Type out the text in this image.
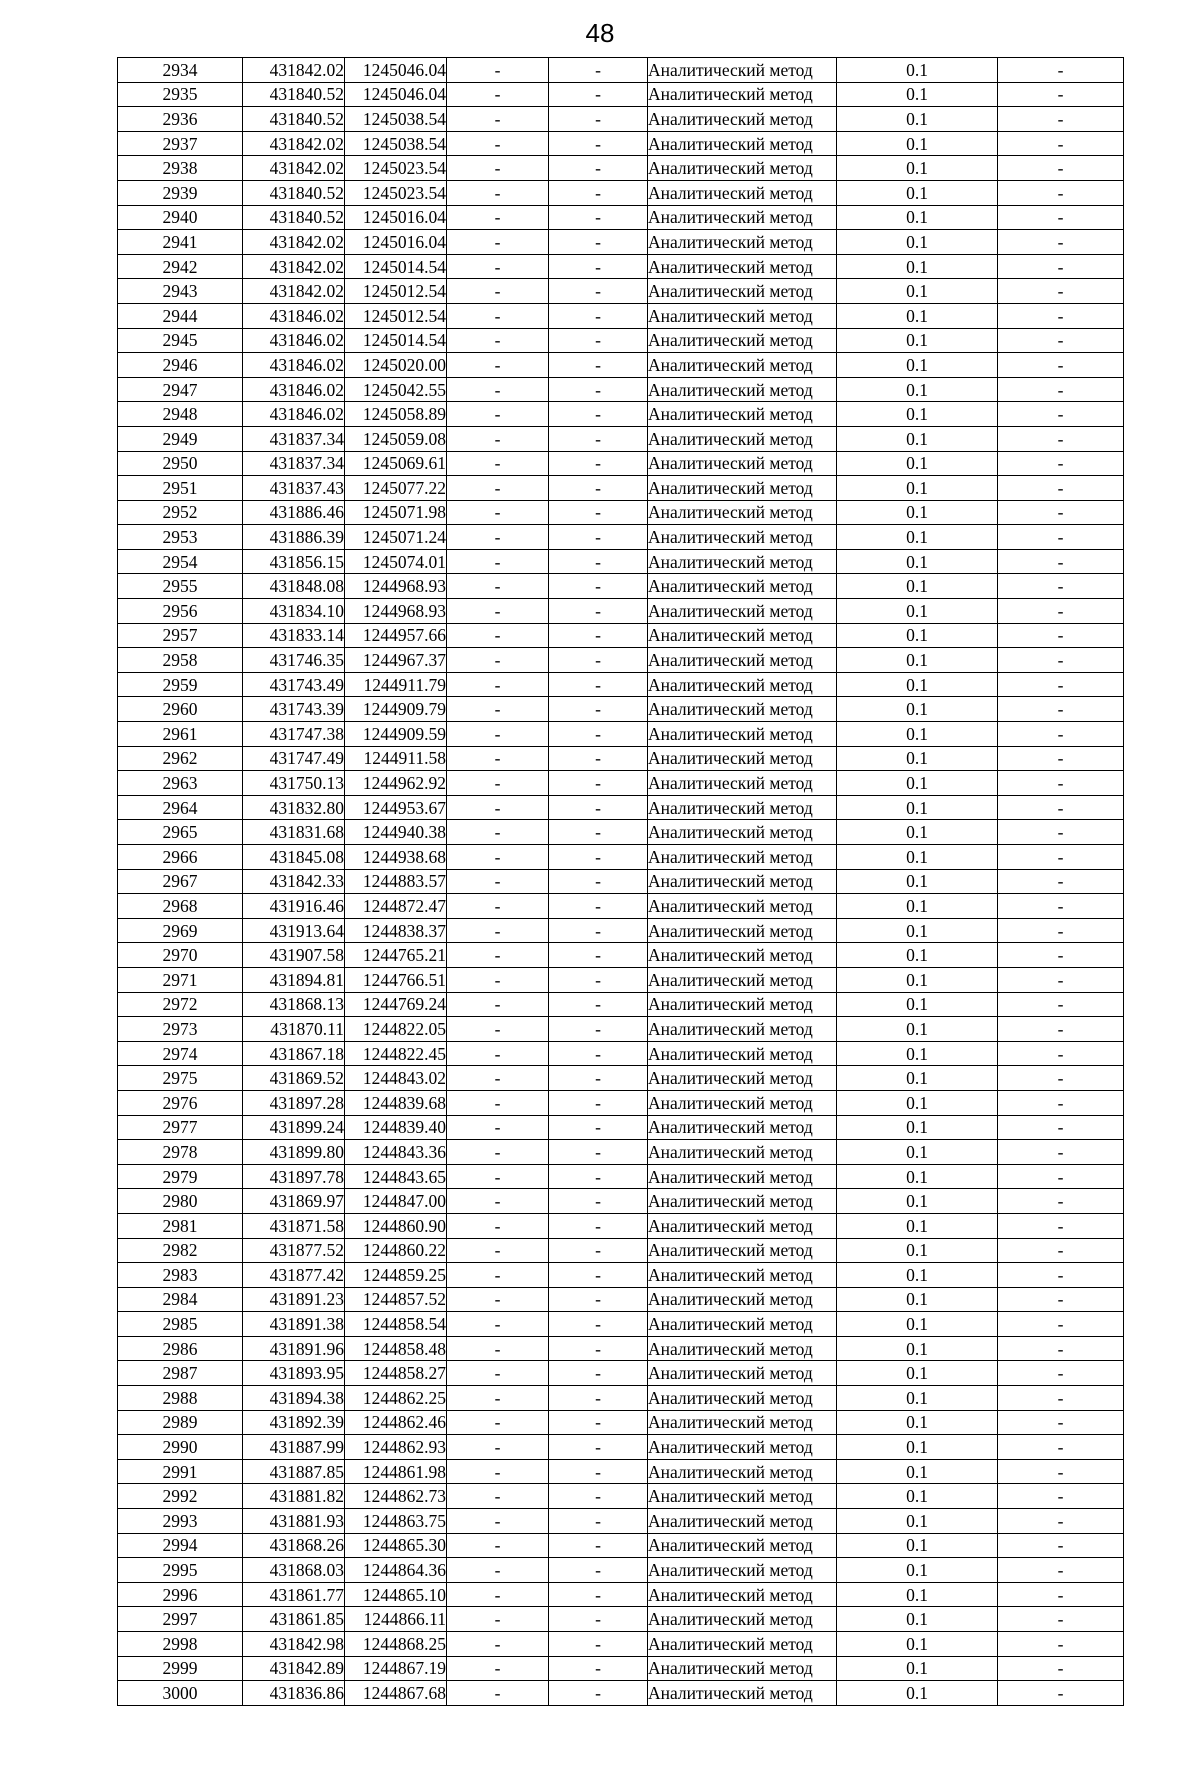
48
2934	431842.02	1245046.04	-	-	Аналитический метод	0.1	-
2935	431840.52	1245046.04	-	-	Аналитический метод	0.1	-
2936	431840.52	1245038.54	-	-	Аналитический метод	0.1	-
2937	431842.02	1245038.54	-	-	Аналитический метод	0.1	-
2938	431842.02	1245023.54	-	-	Аналитический метод	0.1	-
2939	431840.52	1245023.54	-	-	Аналитический метод	0.1	-
2940	431840.52	1245016.04	-	-	Аналитический метод	0.1	-
2941	431842.02	1245016.04	-	-	Аналитический метод	0.1	-
2942	431842.02	1245014.54	-	-	Аналитический метод	0.1	-
2943	431842.02	1245012.54	-	-	Аналитический метод	0.1	-
2944	431846.02	1245012.54	-	-	Аналитический метод	0.1	-
2945	431846.02	1245014.54	-	-	Аналитический метод	0.1	-
2946	431846.02	1245020.00	-	-	Аналитический метод	0.1	-
2947	431846.02	1245042.55	-	-	Аналитический метод	0.1	-
2948	431846.02	1245058.89	-	-	Аналитический метод	0.1	-
2949	431837.34	1245059.08	-	-	Аналитический метод	0.1	-
2950	431837.34	1245069.61	-	-	Аналитический метод	0.1	-
2951	431837.43	1245077.22	-	-	Аналитический метод	0.1	-
2952	431886.46	1245071.98	-	-	Аналитический метод	0.1	-
2953	431886.39	1245071.24	-	-	Аналитический метод	0.1	-
2954	431856.15	1245074.01	-	-	Аналитический метод	0.1	-
2955	431848.08	1244968.93	-	-	Аналитический метод	0.1	-
2956	431834.10	1244968.93	-	-	Аналитический метод	0.1	-
2957	431833.14	1244957.66	-	-	Аналитический метод	0.1	-
2958	431746.35	1244967.37	-	-	Аналитический метод	0.1	-
2959	431743.49	1244911.79	-	-	Аналитический метод	0.1	-
2960	431743.39	1244909.79	-	-	Аналитический метод	0.1	-
2961	431747.38	1244909.59	-	-	Аналитический метод	0.1	-
2962	431747.49	1244911.58	-	-	Аналитический метод	0.1	-
2963	431750.13	1244962.92	-	-	Аналитический метод	0.1	-
2964	431832.80	1244953.67	-	-	Аналитический метод	0.1	-
2965	431831.68	1244940.38	-	-	Аналитический метод	0.1	-
2966	431845.08	1244938.68	-	-	Аналитический метод	0.1	-
2967	431842.33	1244883.57	-	-	Аналитический метод	0.1	-
2968	431916.46	1244872.47	-	-	Аналитический метод	0.1	-
2969	431913.64	1244838.37	-	-	Аналитический метод	0.1	-
2970	431907.58	1244765.21	-	-	Аналитический метод	0.1	-
2971	431894.81	1244766.51	-	-	Аналитический метод	0.1	-
2972	431868.13	1244769.24	-	-	Аналитический метод	0.1	-
2973	431870.11	1244822.05	-	-	Аналитический метод	0.1	-
2974	431867.18	1244822.45	-	-	Аналитический метод	0.1	-
2975	431869.52	1244843.02	-	-	Аналитический метод	0.1	-
2976	431897.28	1244839.68	-	-	Аналитический метод	0.1	-
2977	431899.24	1244839.40	-	-	Аналитический метод	0.1	-
2978	431899.80	1244843.36	-	-	Аналитический метод	0.1	-
2979	431897.78	1244843.65	-	-	Аналитический метод	0.1	-
2980	431869.97	1244847.00	-	-	Аналитический метод	0.1	-
2981	431871.58	1244860.90	-	-	Аналитический метод	0.1	-
2982	431877.52	1244860.22	-	-	Аналитический метод	0.1	-
2983	431877.42	1244859.25	-	-	Аналитический метод	0.1	-
2984	431891.23	1244857.52	-	-	Аналитический метод	0.1	-
2985	431891.38	1244858.54	-	-	Аналитический метод	0.1	-
2986	431891.96	1244858.48	-	-	Аналитический метод	0.1	-
2987	431893.95	1244858.27	-	-	Аналитический метод	0.1	-
2988	431894.38	1244862.25	-	-	Аналитический метод	0.1	-
2989	431892.39	1244862.46	-	-	Аналитический метод	0.1	-
2990	431887.99	1244862.93	-	-	Аналитический метод	0.1	-
2991	431887.85	1244861.98	-	-	Аналитический метод	0.1	-
2992	431881.82	1244862.73	-	-	Аналитический метод	0.1	-
2993	431881.93	1244863.75	-	-	Аналитический метод	0.1	-
2994	431868.26	1244865.30	-	-	Аналитический метод	0.1	-
2995	431868.03	1244864.36	-	-	Аналитический метод	0.1	-
2996	431861.77	1244865.10	-	-	Аналитический метод	0.1	-
2997	431861.85	1244866.11	-	-	Аналитический метод	0.1	-
2998	431842.98	1244868.25	-	-	Аналитический метод	0.1	-
2999	431842.89	1244867.19	-	-	Аналитический метод	0.1	-
3000	431836.86	1244867.68	-	-	Аналитический метод	0.1	-
